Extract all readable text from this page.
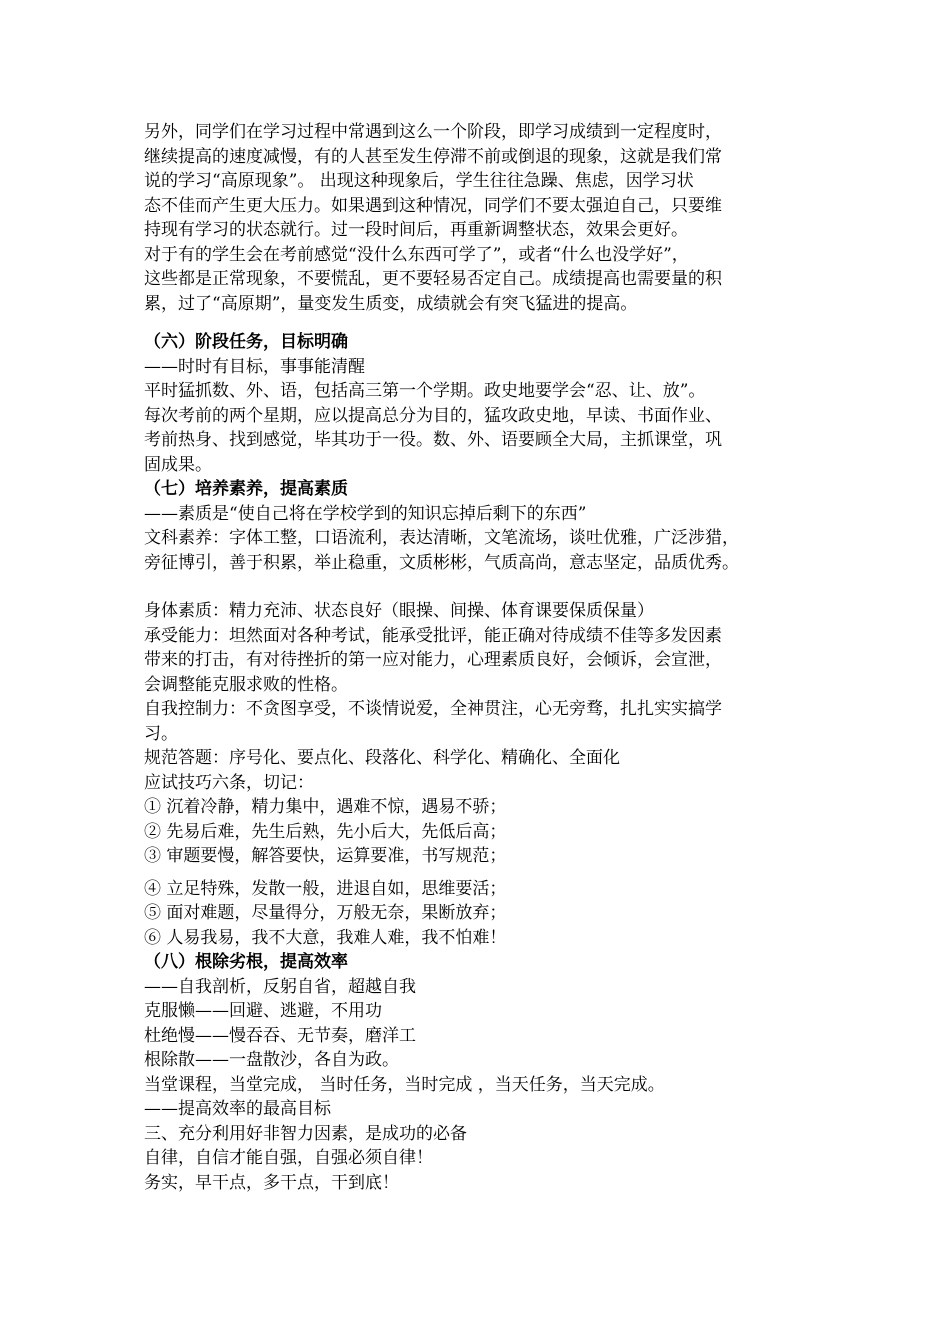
另外，同学们在学习过程中常遇到这么一个阶段，即学习成绩到一定程度时，
继续提高的速度减慢，有的人甚至发生停滞不前或倒退的现象，这就是我们常
说的学习“高原现象”。 出现这种现象后，学生往往急躁、焦虑，因学习状
态不佳而产生更大压力。如果遇到这种情况，同学们不要太强迫自己，只要维
持现有学习的状态就行。过一段时间后，再重新调整状态，效果会更好。
对于有的学生会在考前感觉“没什么东西可学了”，或者“什么也没学好”，
这些都是正常现象，不要慌乱，更不要轻易否定自己。成绩提高也需要量的积
累，过了“高原期”，量变发生质变，成绩就会有突飞猛进的提高。
（六）阶段任务，目标明确
——时时有目标，事事能清醒
平时猛抓数、外、语，包括高三第一个学期。政史地要学会“忍、让、放”。
每次考前的两个星期，应以提高总分为目的，猛攻政史地，早读、书面作业、
考前热身、找到感觉，毕其功于一役。数、外、语要顾全大局，主抓课堂，巩
固成果。
（七）培养素养，提高素质
——素质是“使自己将在学校学到的知识忘掉后剩下的东西”
文科素养：字体工整，口语流利，表达清晰，文笔流场，谈吐优雅，广泛涉猎，
旁征博引，善于积累，举止稳重，文质彬彬，气质高尚，意志坚定，品质优秀。
身体素质：精力充沛、状态良好（眼操、间操、体育课要保质保量）
承受能力：坦然面对各种考试，能承受批评，能正确对待成绩不佳等多发因素
带来的打击，有对待挫折的第一应对能力，心理素质良好，会倾诉，会宣泄，
会调整能克服求败的性格。
自我控制力：不贪图享受，不谈情说爱，全神贯注，心无旁骛，扎扎实实搞学
习。
规范答题：序号化、要点化、段落化、科学化、精确化、全面化
应试技巧六条，切记：
① 沉着冷静，精力集中，遇难不惊，遇易不骄；
② 先易后难，先生后熟，先小后大，先低后高；
③ 审题要慢，解答要快，运算要准，书写规范；
④ 立足特殊，发散一般，进退自如，思维要活；
⑤ 面对难题，尽量得分，万般无奈，果断放弃；
⑥ 人易我易，我不大意，我难人难，我不怕难！
（八）根除劣根，提高效率
——自我剖析，反躬自省，超越自我
克服懒——回避、逃避，不用功
杜绝慢——慢吞吞、无节奏，磨洋工
根除散——一盘散沙，各自为政。
当堂课程，当堂完成， 当时任务，当时完成 ，当天任务，当天完成。
——提高效率的最高目标
三、充分利用好非智力因素，是成功的必备
自律，自信才能自强，自强必须自律！
务实，早干点，多干点，干到底！
